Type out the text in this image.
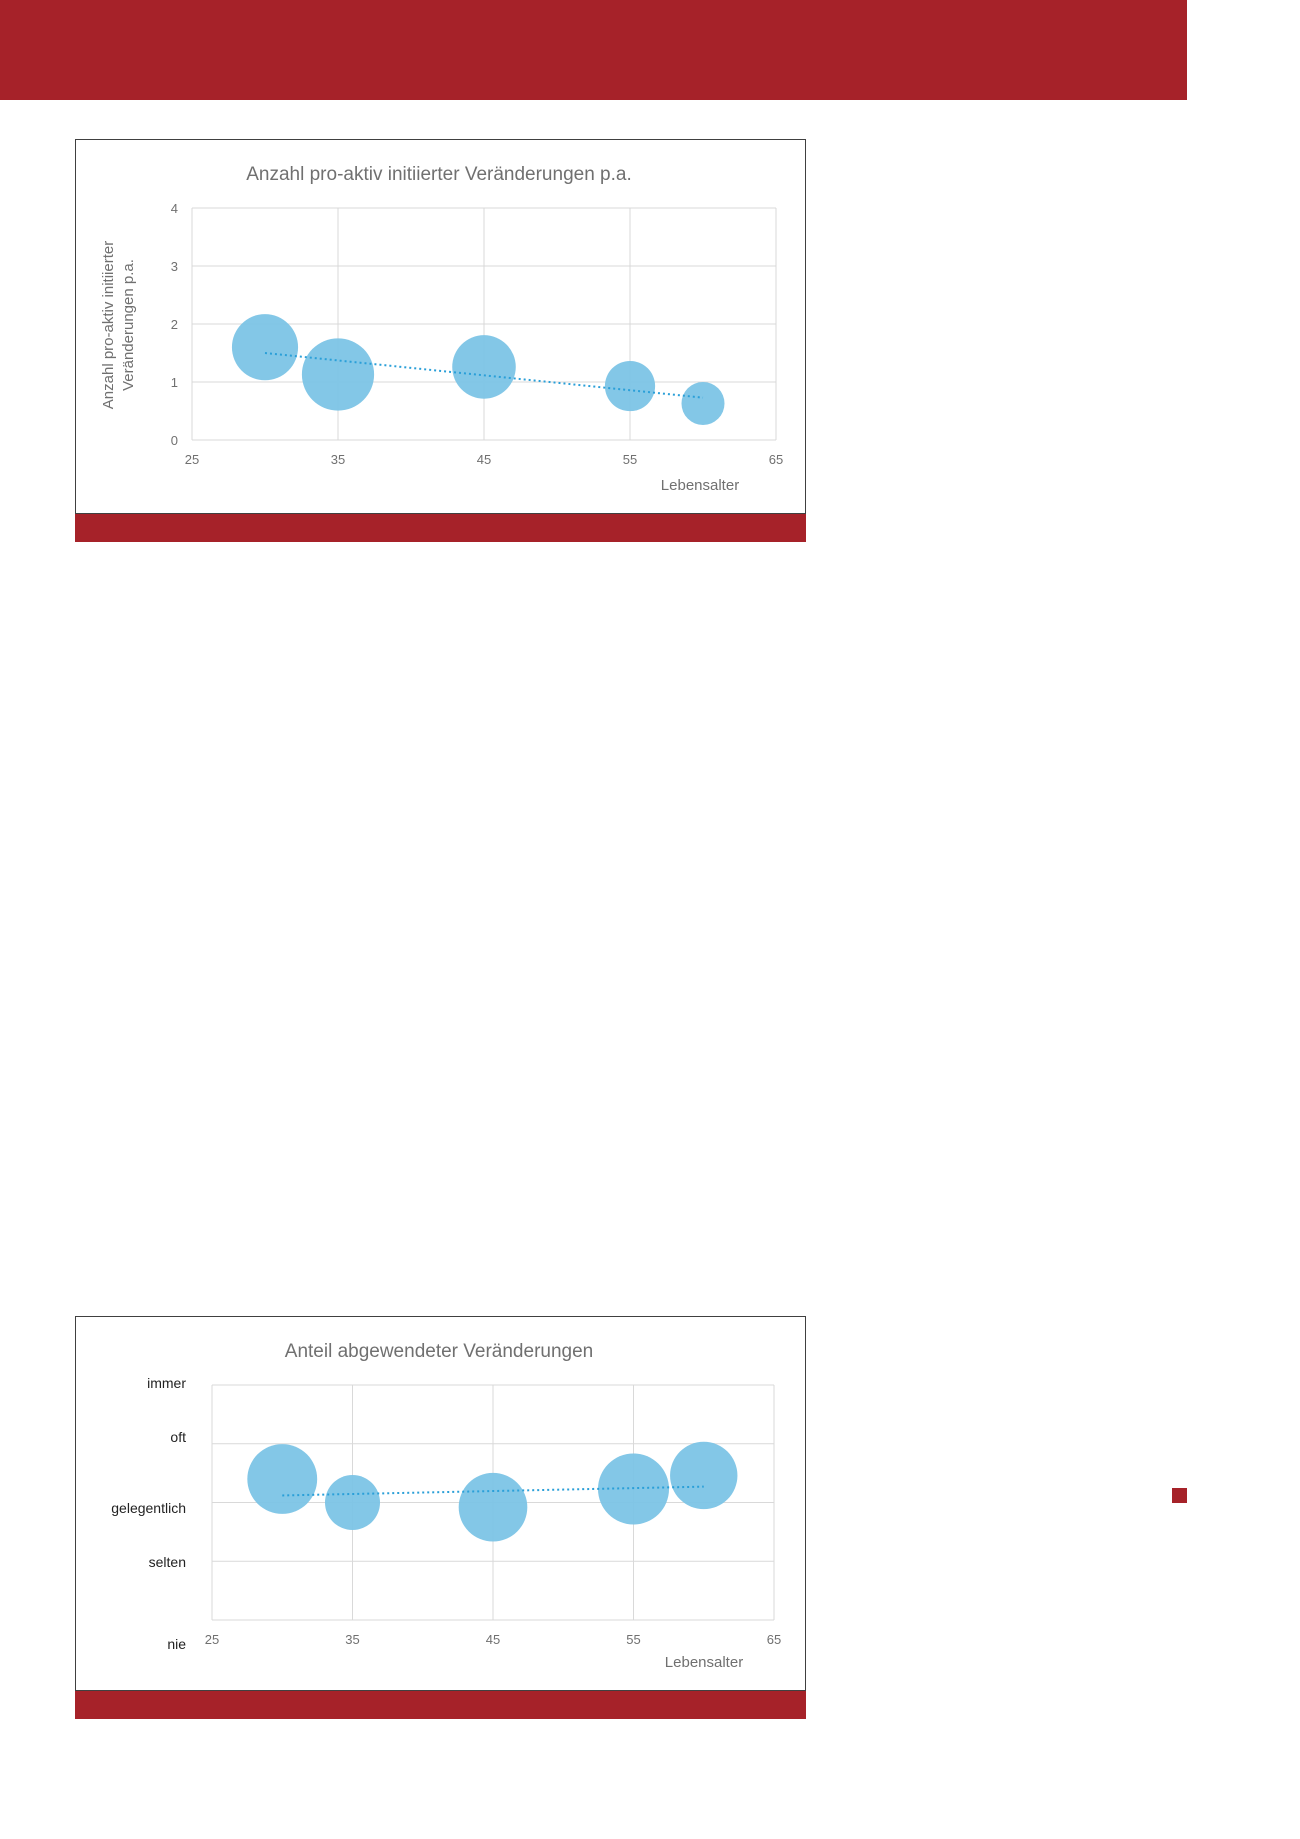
Anzahl pro-aktiv initiierter Veränderungen p.a.
0
1
2
3
4
25	35	45	55	65
Anzahl pro-aktiv initiierter Veränderungen p.a.
Lebensalter
Anteil abgewendeter Veränderungen
nie
selten
gelegentlich
oft
immer
25	35	45	55	65
Lebensalter
